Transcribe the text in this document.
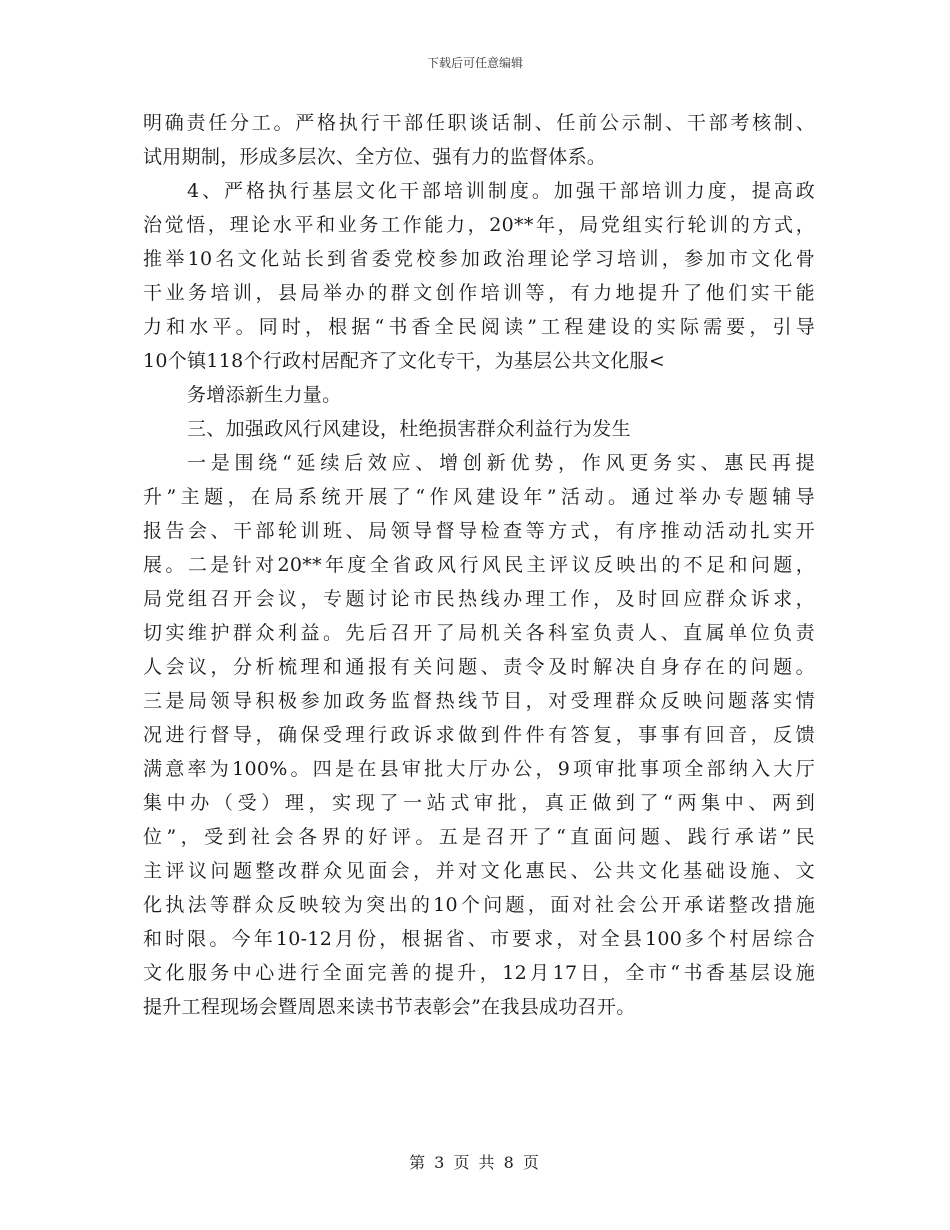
下载后可任意编辑
明确责任分工。严格执行干部任职谈话制、任前公示制、干部考核制、
试用期制，形成多层次、全方位、强有力的监督体系。
4、严格执行基层文化干部培训制度。加强干部培训力度，提高政
治觉悟，理论水平和业务工作能力，20**年，局党组实行轮训的方式，
推举10名文化站长到省委党校参加政治理论学习培训，参加市文化骨
干业务培训，县局举办的群文创作培训等，有力地提升了他们实干能
力和水平。同时，根据“书香全民阅读”工程建设的实际需要，引导
10个镇118个行政村居配齐了文化专干，为基层公共文化服<
务增添新生力量。
三、加强政风行风建设，杜绝损害群众利益行为发生
一是围绕“延续后效应、增创新优势，作风更务实、惠民再提
升”主题，在局系统开展了“作风建设年”活动。通过举办专题辅导
报告会、干部轮训班、局领导督导检查等方式，有序推动活动扎实开
展。二是针对20**年度全省政风行风民主评议反映出的不足和问题，
局党组召开会议，专题讨论市民热线办理工作，及时回应群众诉求，
切实维护群众利益。先后召开了局机关各科室负责人、直属单位负责
人会议，分析梳理和通报有关问题、责令及时解决自身存在的问题。
三是局领导积极参加政务监督热线节目，对受理群众反映问题落实情
况进行督导，确保受理行政诉求做到件件有答复，事事有回音，反馈
满意率为100%。四是在县审批大厅办公，9项审批事项全部纳入大厅
集中办（受）理，实现了一站式审批，真正做到了“两集中、两到
位”，受到社会各界的好评。五是召开了“直面问题、践行承诺”民
主评议问题整改群众见面会，并对文化惠民、公共文化基础设施、文
化执法等群众反映较为突出的10个问题，面对社会公开承诺整改措施
和时限。今年10-12月份，根据省、市要求，对全县100多个村居综合
文化服务中心进行全面完善的提升，12月17日，全市“书香基层设施
提升工程现场会暨周恩来读书节表彰会”在我县成功召开。
第 3 页 共 8 页
